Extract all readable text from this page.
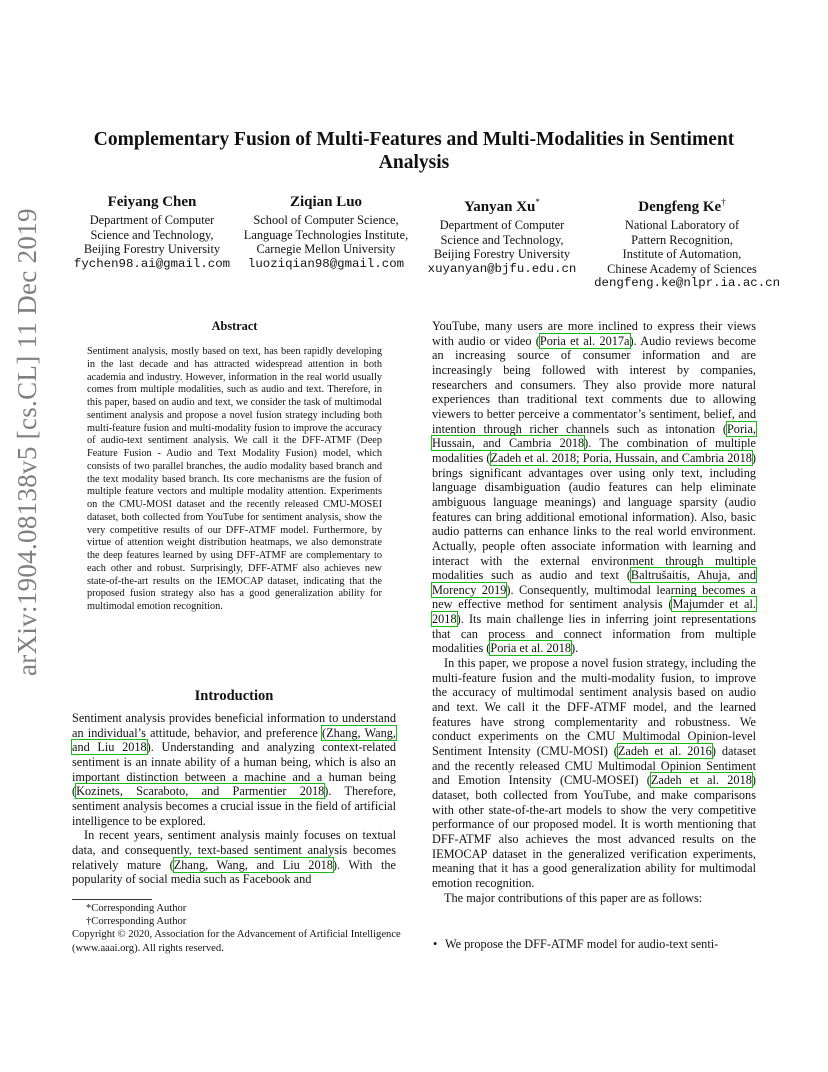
arXiv:1904.08138v5 [cs.CL] 11 Dec 2019
Complementary Fusion of Multi-Features and Multi-Modalities in Sentiment Analysis
Feiyang Chen
Department of Computer
Science and Technology,
Beijing Forestry University
fychen98.ai@gmail.com
Ziqian Luo
School of Computer Science,
Language Technologies Institute,
Carnegie Mellon University
luoziqian98@gmail.com
Yanyan Xu*
Department of Computer
Science and Technology,
Beijing Forestry University
xuyanyan@bjfu.edu.cn
Dengfeng Ke†
National Laboratory of
Pattern Recognition,
Institute of Automation,
Chinese Academy of Sciences
dengfeng.ke@nlpr.ia.ac.cn
Abstract
Sentiment analysis, mostly based on text, has been rapidly developing in the last decade and has attracted widespread attention in both academia and industry. However, information in the real world usually comes from multiple modalities, such as audio and text. Therefore, in this paper, based on audio and text, we consider the task of multimodal sentiment analysis and propose a novel fusion strategy including both multi-feature fusion and multi-modality fusion to improve the accuracy of audio-text sentiment analysis. We call it the DFF-ATMF (Deep Feature Fusion - Audio and Text Modality Fusion) model, which consists of two parallel branches, the audio modality based branch and the text modality based branch. Its core mechanisms are the fusion of multiple feature vectors and multiple modality attention. Experiments on the CMU-MOSI dataset and the recently released CMU-MOSEI dataset, both collected from YouTube for sentiment analysis, show the very competitive results of our DFF-ATMF model. Furthermore, by virtue of attention weight distribution heatmaps, we also demonstrate the deep features learned by using DFF-ATMF are complementary to each other and robust. Surprisingly, DFF-ATMF also achieves new state-of-the-art results on the IEMOCAP dataset, indicating that the proposed fusion strategy also has a good generalization ability for multimodal emotion recognition.
Introduction

Sentiment analysis provides beneficial information to understand an individual’s attitude, behavior, and preference (Zhang, Wang, and Liu 2018). Understanding and analyzing context-related sentiment is an innate ability of a human being, which is also an important distinction between a machine and a human being (Kozinets, Scaraboto, and Parmentier 2018). Therefore, sentiment analysis becomes a crucial issue in the field of artificial intelligence to be explored.

In recent years, sentiment analysis mainly focuses on textual data, and consequently, text-based sentiment analysis becomes relatively mature (Zhang, Wang, and Liu 2018). With the popularity of social media such as Facebook and

*Corresponding Author
†Corresponding Author
Copyright © 2020, Association for the Advancement of Artificial Intelligence (www.aaai.org). All rights reserved.

YouTube, many users are more inclined to express their views with audio or video (Poria et al. 2017a). Audio reviews become an increasing source of consumer information and are increasingly being followed with interest by companies, researchers and consumers. They also provide more natural experiences than traditional text comments due to allowing viewers to better perceive a commentator’s sentiment, belief, and intention through richer channels such as intonation (Poria, Hussain, and Cambria 2018). The combination of multiple modalities (Zadeh et al. 2018; Poria, Hussain, and Cambria 2018) brings significant advantages over using only text, including language disambiguation (audio features can help eliminate ambiguous language meanings) and language sparsity (audio features can bring additional emotional information). Also, basic audio patterns can enhance links to the real world environment. Actually, people often associate information with learning and interact with the external environment through multiple modalities such as audio and text (Baltrušaitis, Ahuja, and Morency 2019). Consequently, multimodal learning becomes a new effective method for sentiment analysis (Majumder et al. 2018). Its main challenge lies in inferring joint representations that can process and connect information from multiple modalities (Poria et al. 2018).

In this paper, we propose a novel fusion strategy, including the multi-feature fusion and the multi-modality fusion, to improve the accuracy of multimodal sentiment analysis based on audio and text. We call it the DFF-ATMF model, and the learned features have strong complementarity and robustness. We conduct experiments on the CMU Multimodal Opinion-level Sentiment Intensity (CMU-MOSI) (Zadeh et al. 2016) dataset and the recently released CMU Multimodal Opinion Sentiment and Emotion Intensity (CMU-MOSEI) (Zadeh et al. 2018) dataset, both collected from YouTube, and make comparisons with other state-of-the-art models to show the very competitive performance of our proposed model. It is worth mentioning that DFF-ATMF also achieves the most advanced results on the IEMOCAP dataset in the generalized verification experiments, meaning that it has a good generalization ability for multimodal emotion recognition.

The major contributions of this paper are as follows:

• We propose the DFF-ATMF model for audio-text senti-
